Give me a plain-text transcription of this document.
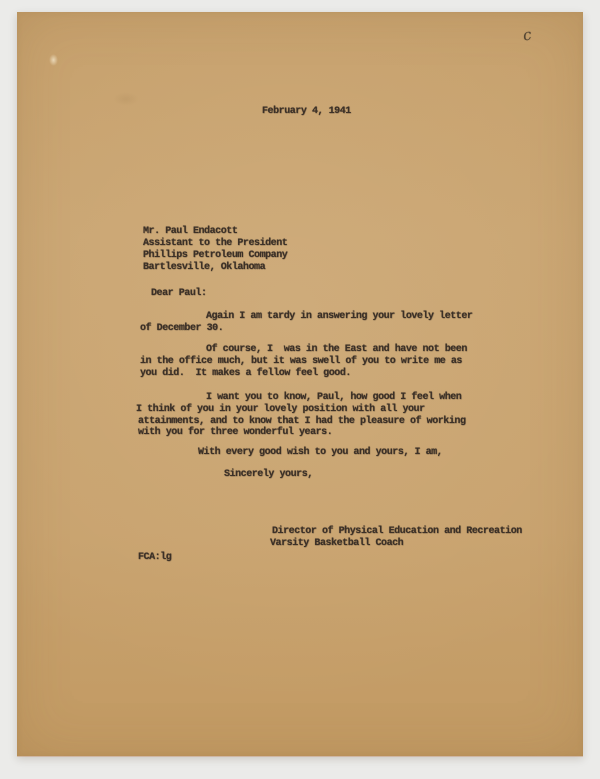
c
February 4, 1941
Mr. Paul Endacott
Assistant to the President
Phillips Petroleum Company
Bartlesville, Oklahoma
Dear Paul:
Again I am tardy in answering your lovely letter
of December 30.
Of course, I  was in the East and have not been
in the office much, but it was swell of you to write me as
you did.  It makes a fellow feel good.
I want you to know, Paul, how good I feel when
I think of you in your lovely position with all your
attainments, and to know that I had the pleasure of working
with you for three wonderful years.
With every good wish to you and yours, I am,
Sincerely yours,
Director of Physical Education and Recreation
Varsity Basketball Coach
FCA:lg
